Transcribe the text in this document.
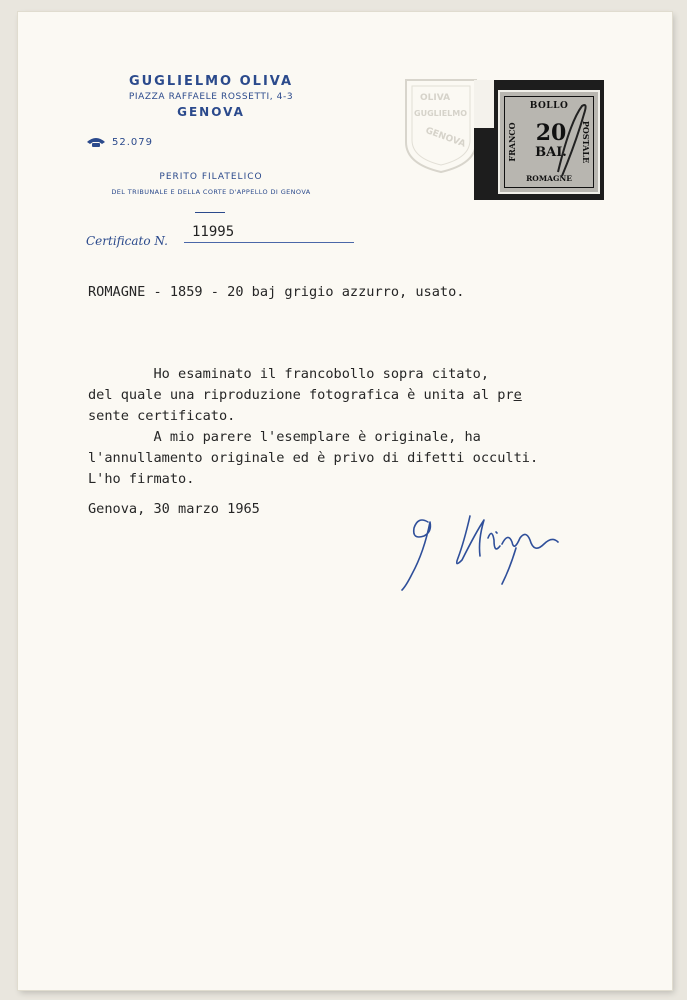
GUGLIELMO OLIVA
PIAZZA RAFFAELE ROSSETTI, 4-3
GENOVA
52.079
PERITO FILATELICO
DEL TRIBUNALE E DELLA CORTE D'APPELLO DI GENOVA
OLIVA
GUGLIELMO
GENOVA
BOLLO
FRANCO	POSTALE
20
BAI.
ROMAGNE
Certificato N.
11995
ROMAGNE - 1859 - 20 baj grigio azzurro, usato.
Ho esaminato il francobollo sopra citato,
del quale una riproduzione fotografica è unita al pre
sente certificato.
A mio parere l'esemplare è originale, ha
l'annullamento originale ed è privo di difetti occulti.
L'ho firmato.
Genova, 30 marzo 1965
